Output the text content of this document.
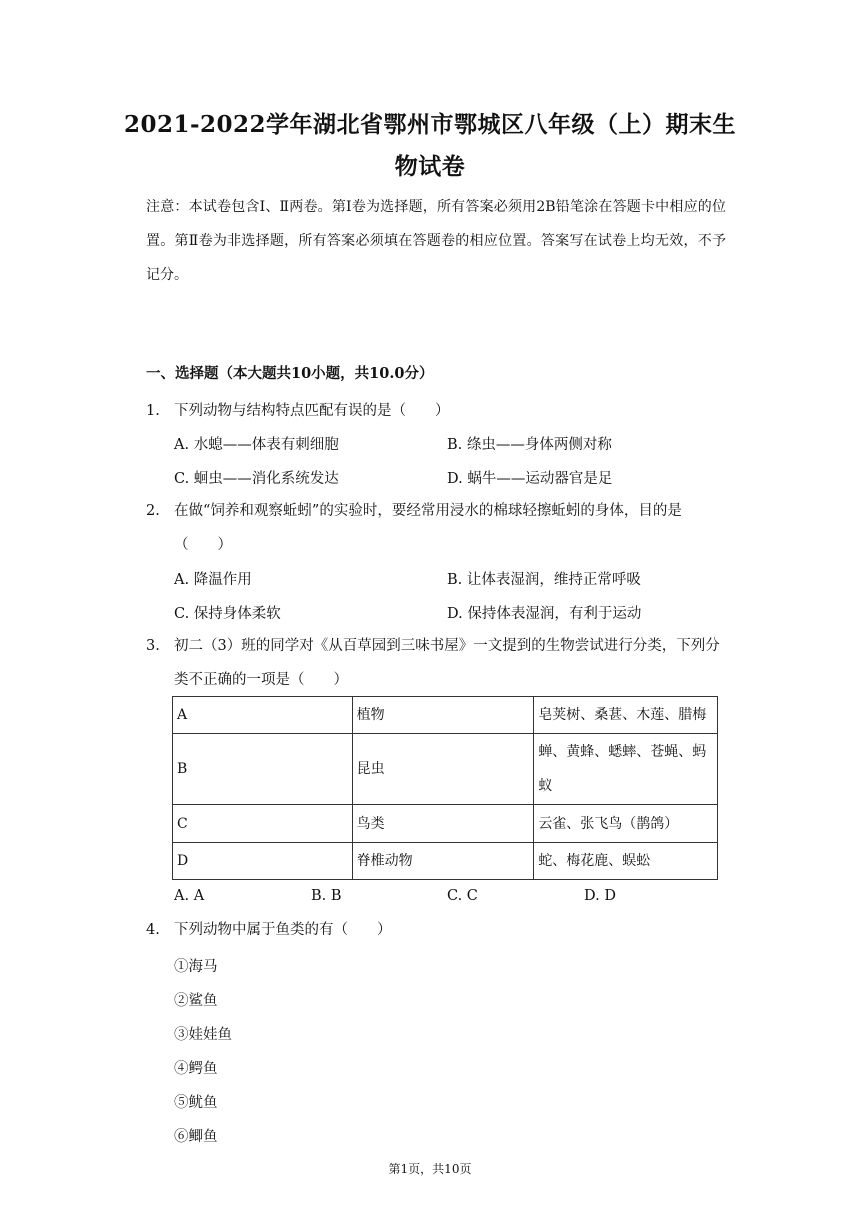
2021-2022学年湖北省鄂州市鄂城区八年级（上）期末生
物试卷
注意：本试卷包含Ⅰ、Ⅱ两卷。第Ⅰ卷为选择题，所有答案必须用2B铅笔涂在答题卡中相应的位置。第Ⅱ卷为非选择题，所有答案必须填在答题卷的相应位置。答案写在试卷上均无效，不予记分。
一、选择题（本大题共10小题，共10.0分）
1. 下列动物与结构特点匹配有误的是（　　）
A. 水螅——体表有刺细胞	B. 绦虫——身体两侧对称
C. 蛔虫——消化系统发达	D. 蜗牛——运动器官是足
2. 在做“饲养和观察蚯蚓”的实验时，要经常用浸水的棉球轻擦蚯蚓的身体，目的是（　　）
A. 降温作用	B. 让体表湿润，维持正常呼吸
C. 保持身体柔软	D. 保持体表湿润，有利于运动
3. 初二（3）班的同学对《从百草园到三味书屋》一文提到的生物尝试进行分类，下列分类不正确的一项是（　　）
A	植物	皂荚树、桑葚、木莲、腊梅
B	昆虫	蝉、黄蜂、蟋蟀、苍蝇、蚂蚁
C	鸟类	云雀、张飞鸟（鹊鸽）
D	脊椎动物	蛇、梅花鹿、蜈蚣
A. A	B. B	C. C	D. D
4. 下列动物中属于鱼类的有（　　）
①海马
②鲨鱼
③娃娃鱼
④鳄鱼
⑤鱿鱼
⑥鲫鱼
第1页，共10页
